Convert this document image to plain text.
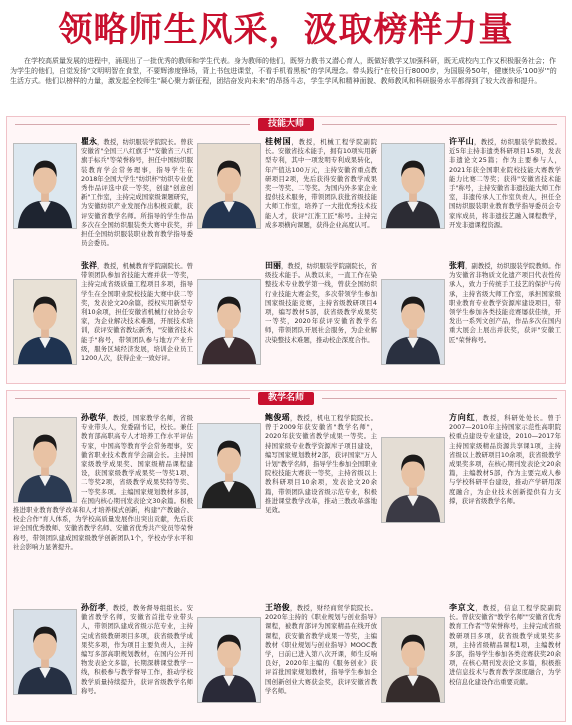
领略师生风采，汲取榜样力量
在学校高质量发展的进程中，涌现出了一批优秀的教师和学生代表。身为教师的他们，既努力教书又潜心育人，既做好教学又加强科研，既无成校内工作又积极服务社会；作为学生的他们，自觉发扬"文明明智在食堂，不要辉渗度锋场，背上书包进课堂，不看手机看黑板"的学风理念。带头践行"在校日行8000步，为国服务50年，健康快乐'100岁'"的生活方式。他们以榜样的力量，激发起全校师生"凝心聚力新征程，团结奋发向未来"的昂扬斗志，学生学风和精神面貌、教师教风和科研服务水平都得到了较大改善和提升。
技能大师
瞿永，教授，纺织服装学院院长。曾获安徽省"全国三八红旗手""安徽省三八红旗手标兵"等荣誉称号，担任中国纺织服装教育学会常务理事，指导学生在2018年全国大学生"纺织杯"纺织专业优秀作品评选中获一等奖，创建"创意创新"工作室，主持完成国家级课题研究，为安徽纺织产业发展作出积极贡献，获评安徽省教学名师。所指导的学生作品多次在全国纺织服装类大赛中获奖，并担任全国纺织服装职业教育教学指导委员会委员。
桂树国，教授，机械工程学院副院长。安徽省技术能手，拥有10项实用新型专利，其中一项发明专利成果转化，年产值达100万元，主持安徽省重点教研项目2项，先后获得安徽省教学成果奖一等奖、二等奖。为国内外多家企业提供技术服务，带领团队获批省级技能大师工作室，培养了一大批优秀技术技能人才，获评"江淮工匠"称号。主持完成多项横向课题，获得企业高度认可。
许平山，教授，纺织服装学院教授。近5年主持非遗类科研项目15项，发表非遗论文25篇；作为主要参与人，2021年获全国职业院校技能大赛教学能力比赛二等奖；获得"安徽省技术能手"称号，主持安徽省非遗技能大师工作室，非遗传承人工作室负责人，担任全国纺织服装职业教育教学指导委员会专家库成员，将非遗技艺融入课程教学，开发非遗课程资源。
张祥，教授，机械教育学院副院长。曾带领团队参加省技能大赛并获一等奖，主持完成省级质量工程项目多项，指导学生在全国职业院校技能大赛中获二等奖，发表论文20余篇，授权实用新型专利10余项，担任安徽省机械行业协会专家，为企业解决技术难题，开展技术培训，获评安徽省教坛新秀，"安徽省技术能手"称号，带领团队参与地方产业升级，服务区域经济发展，培训企业员工1200人次，获得企业一致好评。
田丽，教授，纺织服装学院副院长，省级技术能手。从教以来，一直工作在染整技术专业教学第一线，曾获全国纺织行业技能大赛金奖，多次带领学生参加国家级技能竞赛，主持省级教研项目4项，编写教材5部，获省级教学成果奖一等奖，2020年获评安徽省教学名师，带领团队开展社会服务，为企业解决染整技术难题，推动校企深度合作。
张莉，副教授，纺织服装学院教师。作为安徽省非物质文化遗产项目代表性传承人，致力于传统手工技艺的保护与传承，主持省级大师工作室，承担国家级职业教育专业教学资源库建设项目，带领学生参加各类技能竞赛屡获佳绩，开发出一系列文创产品，作品多次在国内重大展会上展出并获奖，获评"安徽工匠"荣誉称号。
教学名师
孙敬华，教授，国家教学名师，省级专业带头人，党委副书记，校长。兼任教育部高职高专人才培养工作水平评估专家，中国高等教育学会常务理事，安徽省职业技术教育学会副会长。主持国家级教学成果奖、国家级精品课程建设，获国家级教学成果奖一等奖1项、二等奖2项，省级教学成果奖特等奖、一等奖多项。主编国家规划教材多部，在国内核心期刊发表论文30余篇。积极推进职业教育教学改革和人才培养模式创新，构建"产教融合、校企合作"育人体系，为学校高质量发展作出突出贡献，先后获评全国优秀教师、安徽省教学名师、安徽省优秀共产党员等荣誉称号，带领团队建成国家级教学创新团队1个，学校办学水平和社会影响力显著提升。
鲍俊瑶，教授，机电工程学院院长。曾于2009年获安徽省"教学名师"，2020年获安徽省教学成果一等奖。主持国家级专业教学资源库子项目建设，编写国家规划教材2部，获评国家"万人计划"教学名师，指导学生参加全国职业院校技能大赛获一等奖，主持省级以上教科研项目10余项，发表论文20余篇，带领团队建设省级示范专业，积极推进课堂教学改革，推动三教改革落地见效。
方向红，教授，科研处处长。曾于2007—2010年主持国家示范性高职院校重点建设专业建设，2010—2017年主持国家级精品资源共享课1项，主持省级以上教研项目10余项，获省级教学成果奖多项，在核心期刊发表论文20余篇，主编教材5部，作为主要完成人参与学校科研平台建设，推动产学研用深度融合，为企业技术创新提供有力支撑，获评省级教学名师。
孙衍孝，教授，教务督导组组长。安徽省教学名师，安徽省首批专业带头人，带领团队建成省级示范专业，主持完成省级教研项目多项，获省级教学成果奖多项，作为项目主要负责人，主持编写多部高职规划教材，在国内公开刊物发表论文多篇，长期深耕课堂教学一线，积极参与教学督导工作，推动学校教学质量持续提升，获评省级教学名师称号。
王培俊，教授，财经商贸学院院长。2020年主持的《职业规划与创业指导》课程，被教育部评为国家精品在线开放课程，获安徽省教学成果一等奖，主编教材《职业规划与创业指导》MOOC教学，日前已进入第八次开课，师生反响良好，2020年主编的《服务创业》获评首批国家规划教材，指导学生参加全国创新创业大赛获金奖，获评安徽省教学名师。
李京文，教授，信息工程学院副院长。曾获安徽省"教学名师""安徽省优秀教育工作者"等荣誉称号，主持完成省级教研项目多项，获省级教学成果奖多项，主持省级精品课程1项，主编教材多部，指导学生参加各类竞赛获奖20余项，在核心期刊发表论文多篇，积极推进信息技术与教育教学深度融合，为学校信息化建设作出重要贡献。
